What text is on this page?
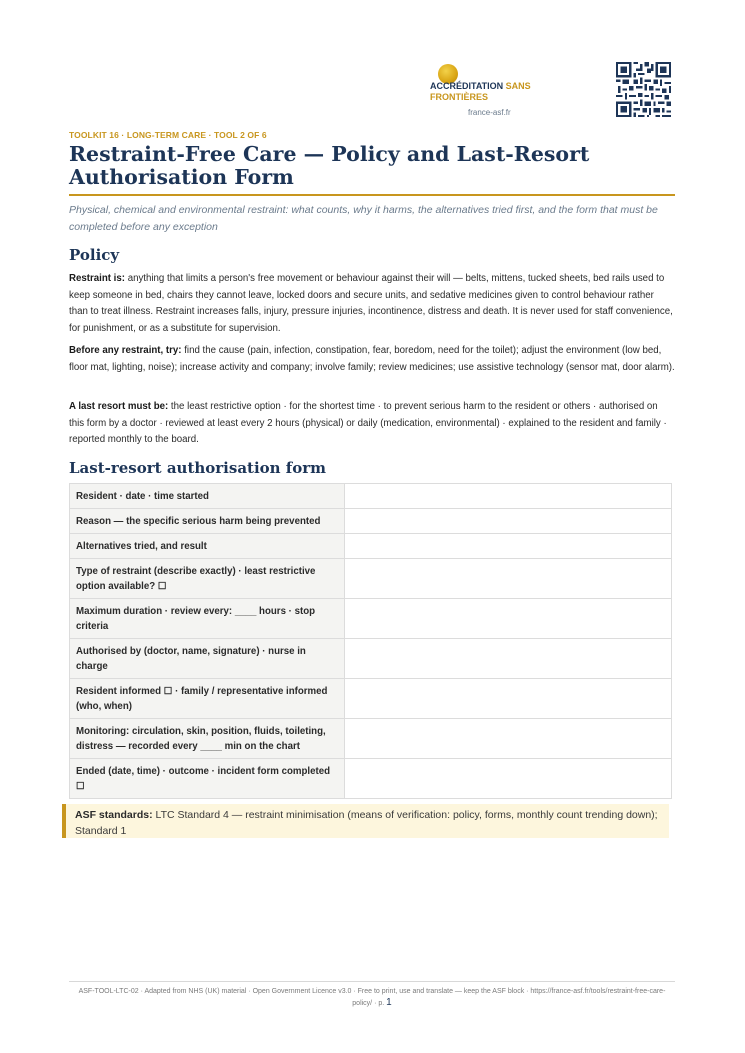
ACCRÉDITATION SANS FRONTIÈRES
france-asf.fr
TOOLKIT 16 · LONG-TERM CARE · TOOL 2 OF 6
Restraint-Free Care — Policy and Last-Resort Authorisation Form

Physical, chemical and environmental restraint: what counts, why it harms, the alternatives tried first, and the form that must be completed before any exception

Policy

Restraint is: anything that limits a person's free movement or behaviour against their will — belts, mittens, tucked sheets, bed rails used to keep someone in bed, chairs they cannot leave, locked doors and secure units, and sedative medicines given to control behaviour rather than to treat illness. Restraint increases falls, injury, pressure injuries, incontinence, distress and death. It is never used for staff convenience, for punishment, or as a substitute for supervision.

Before any restraint, try: find the cause (pain, infection, constipation, fear, boredom, need for the toilet); adjust the environment (low bed, floor mat, lighting, noise); increase activity and company; involve family; review medicines; use assistive technology (sensor mat, door alarm).

A last resort must be: the least restrictive option · for the shortest time · to prevent serious harm to the resident or others · authorised on this form by a doctor · reviewed at least every 2 hours (physical) or daily (medication, environmental) · explained to the resident and family · reported monthly to the board.

Last-resort authorisation form
Resident · date · time started	
Reason — the specific serious harm being prevented	
Alternatives tried, and result	
Type of restraint (describe exactly) · least restrictive option available? ☐	
Maximum duration · review every: ____ hours · stop criteria	
Authorised by (doctor, name, signature) · nurse in charge	
Resident informed ☐ · family / representative informed (who, when)	
Monitoring: circulation, skin, position, fluids, toileting, distress — recorded every ____ min on the chart	
Ended (date, time) · outcome · incident form completed ☐	
ASF standards: LTC Standard 4 — restraint minimisation (means of verification: policy, forms, monthly count trending down); Standard 1
ASF-TOOL-LTC-02 · Adapted from NHS (UK) material · Open Government Licence v3.0 · Free to print, use and translate — keep the ASF block · https://france-asf.fr/tools/restraint-free-care-policy/ · p. 1
